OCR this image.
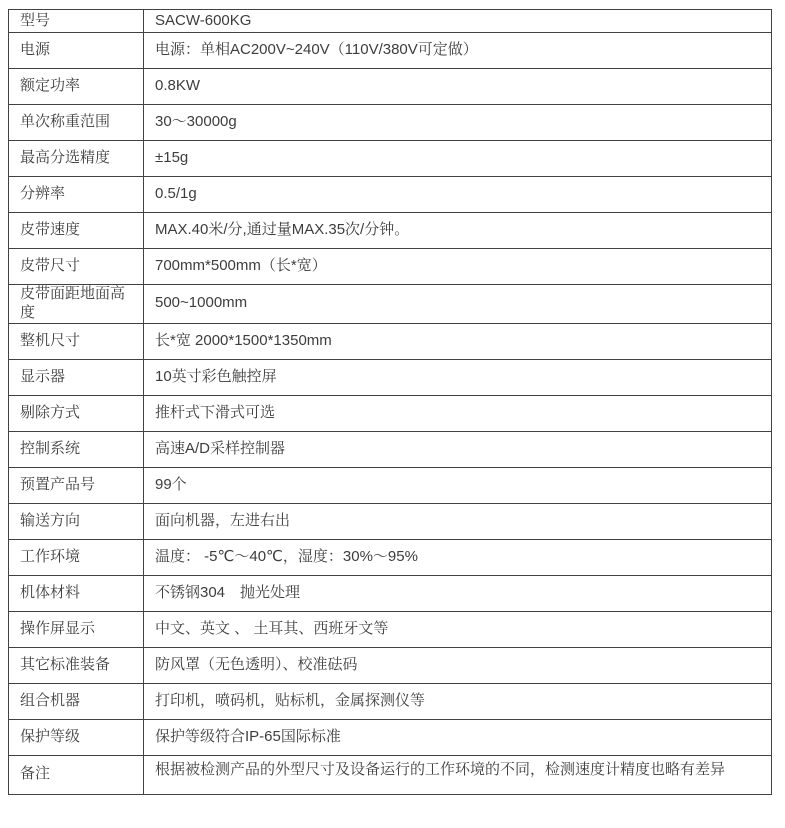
型号	SACW-600KG
电源	电源：单相AC200V~240V（110V/380V可定做）
额定功率	0.8KW
单次称重范围	30～30000g
最高分选精度	±15g
分辨率	0.5/1g
皮带速度	MAX.40米/分,通过量MAX.35次/分钟。
皮带尺寸	700mm*500mm（长*宽）
皮带面距地面高度	500~1000mm
整机尺寸	长*宽 2000*1500*1350mm
显示器	10英寸彩色触控屏
剔除方式	推杆式下滑式可选
控制系统	高速A/D采样控制器
预置产品号	99个
输送方向	面向机器，左进右出
工作环境	温度： -5℃～40℃，湿度：30%～95%
机体材料	不锈钢304　抛光处理
操作屏显示	中文、英文 、 土耳其、西班牙文等
其它标准装备	防风罩（无色透明）、校准砝码
组合机器	打印机，喷码机，贴标机，金属探测仪等
保护等级	保护等级符合IP-65国际标准
备注	根据被检测产品的外型尺寸及设备运行的工作环境的不同，检测速度计精度也略有差异
